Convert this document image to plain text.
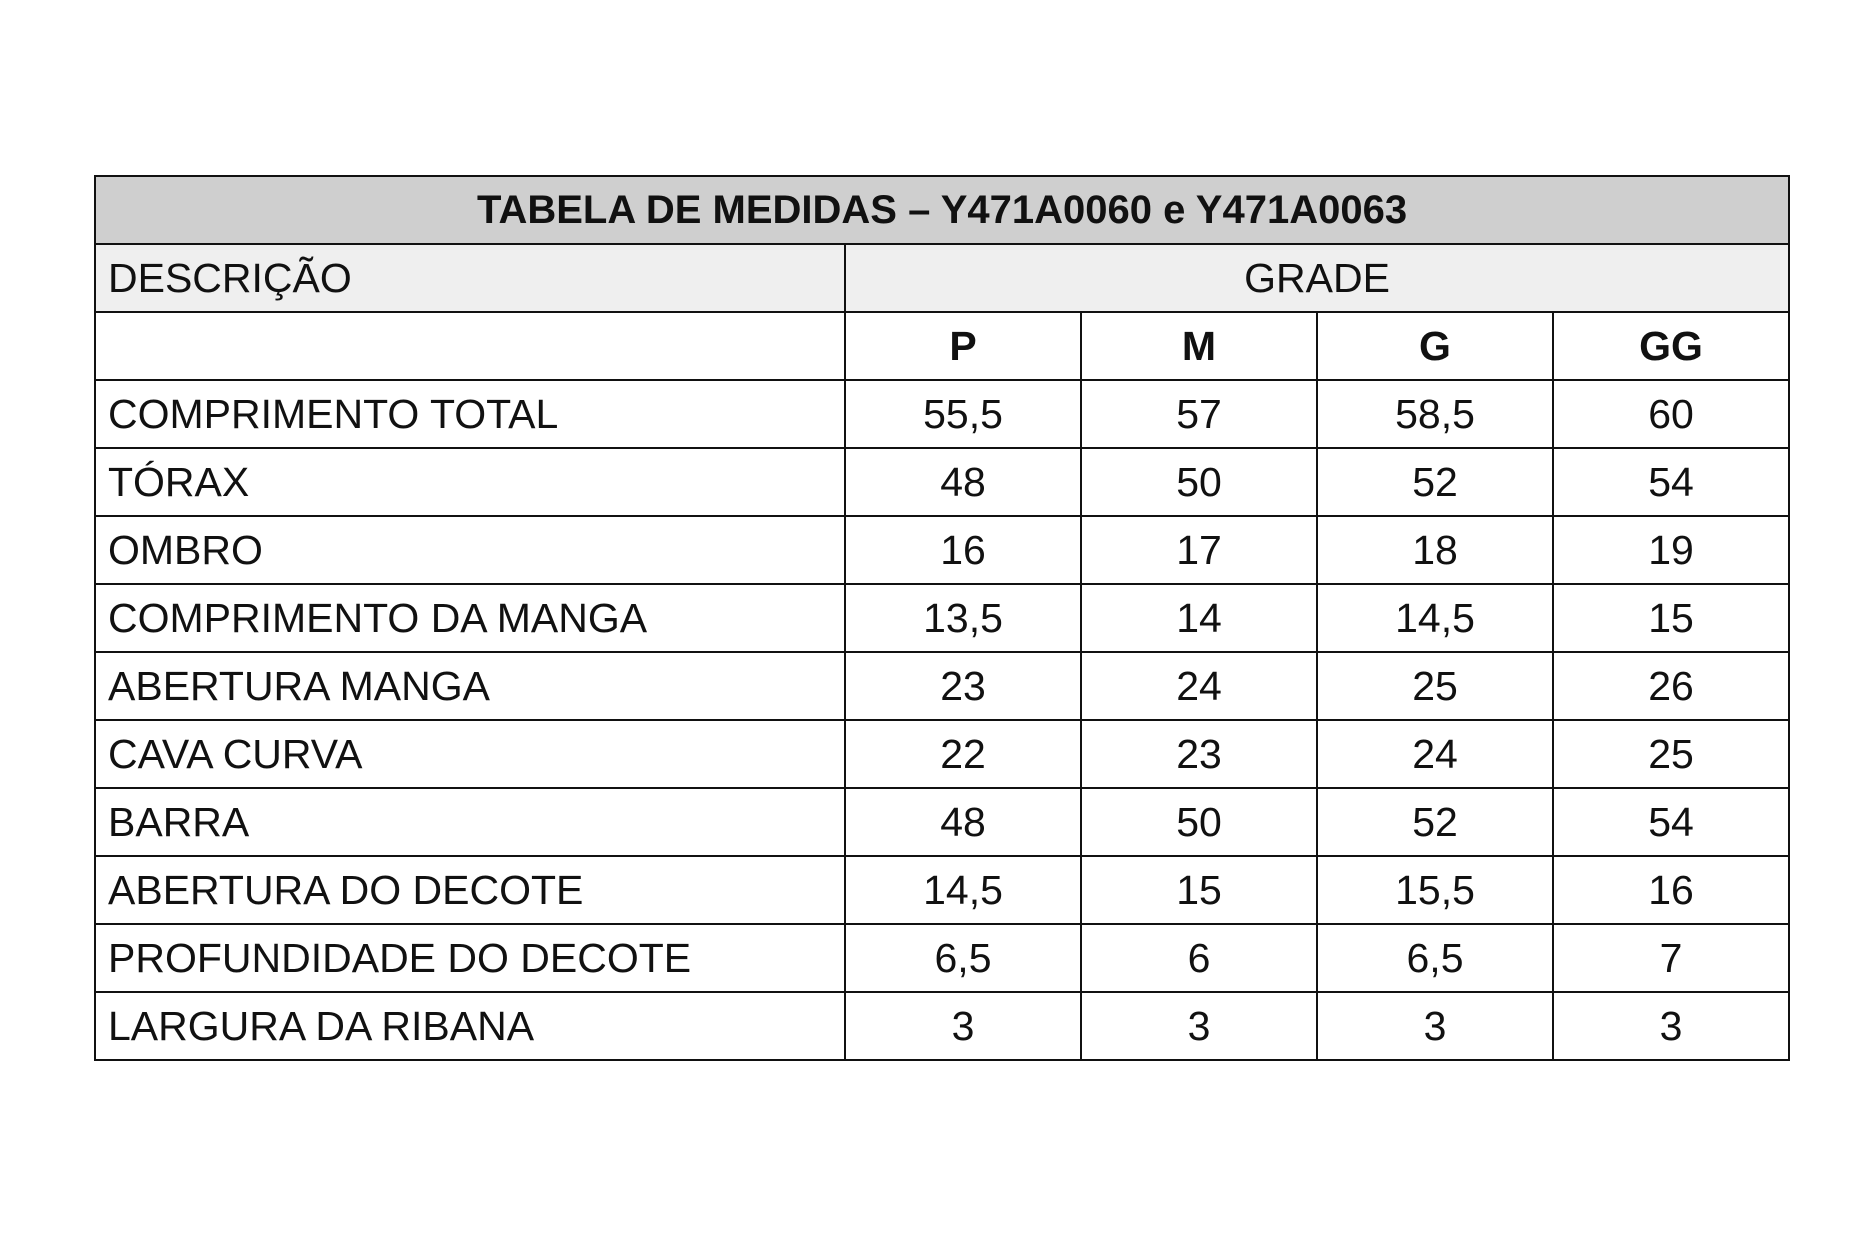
TABELA DE MEDIDAS – Y471A0060 e Y471A0063				
DESCRIÇÃO	GRADE			
	P	M	G	GG
COMPRIMENTO TOTAL	55,5	57	58,5	60
TÓRAX	48	50	52	54
OMBRO	16	17	18	19
COMPRIMENTO DA MANGA	13,5	14	14,5	15
ABERTURA MANGA	23	24	25	26
CAVA CURVA	22	23	24	25
BARRA	48	50	52	54
ABERTURA DO DECOTE	14,5	15	15,5	16
PROFUNDIDADE DO DECOTE	6,5	6	6,5	7
LARGURA DA RIBANA	3	3	3	3
